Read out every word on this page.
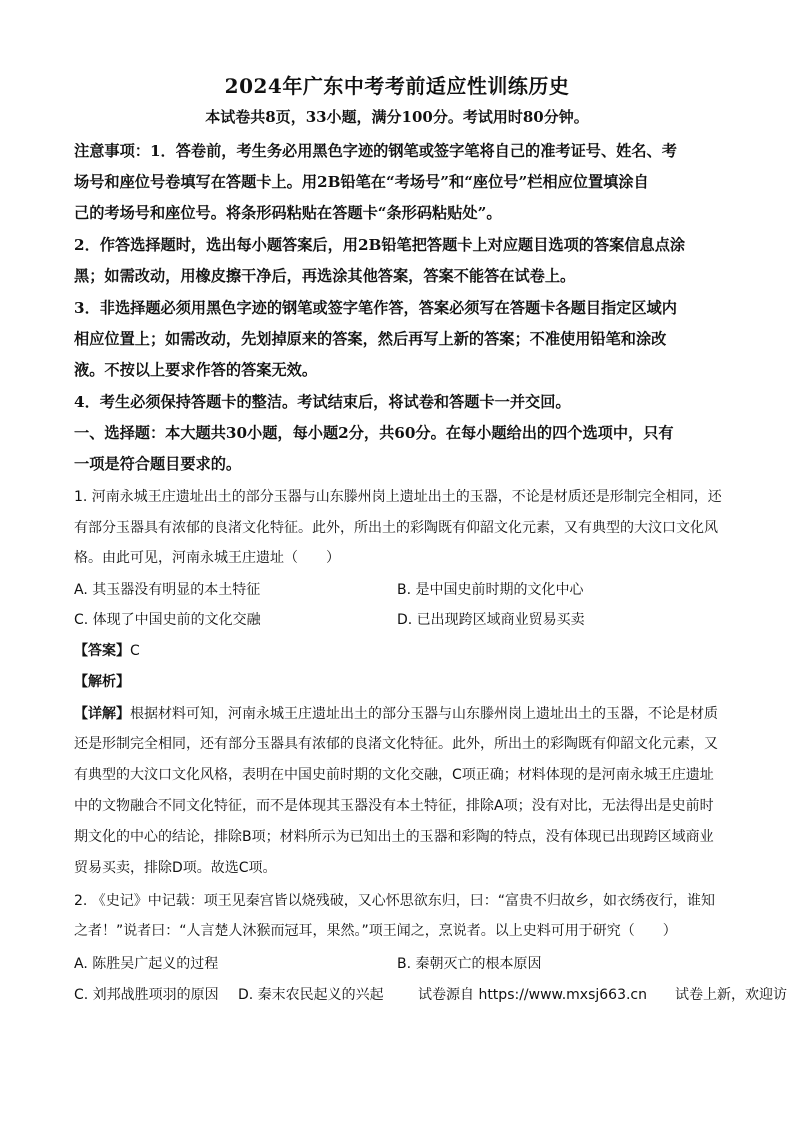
2024年广东中考考前适应性训练历史
本试卷共8页，33小题，满分100分。考试用时80分钟。
注意事项：1．答卷前，考生务必用黑色字迹的钢笔或签字笔将自己的准考证号、姓名、考
场号和座位号卷填写在答题卡上。用2B铅笔在“考场号”和“座位号”栏相应位置填涂自
己的考场号和座位号。将条形码粘贴在答题卡“条形码粘贴处”。
2．作答选择题时，选出每小题答案后，用2B铅笔把答题卡上对应题目选项的答案信息点涂
黑；如需改动，用橡皮擦干净后，再选涂其他答案，答案不能答在试卷上。
3．非选择题必须用黑色字迹的钢笔或签字笔作答，答案必须写在答题卡各题目指定区域内
相应位置上；如需改动，先划掉原来的答案，然后再写上新的答案；不准使用铅笔和涂改
液。不按以上要求作答的答案无效。
4．考生必须保持答题卡的整洁。考试结束后，将试卷和答题卡一并交回。
一、选择题：本大题共30小题，每小题2分，共60分。在每小题给出的四个选项中，只有
一项是符合题目要求的。
1. 河南永城王庄遗址出土的部分玉器与山东滕州岗上遗址出土的玉器，不论是材质还是形制完全相同，还
有部分玉器具有浓郁的良渚文化特征。此外，所出土的彩陶既有仰韶文化元素，又有典型的大汶口文化风
格。由此可见，河南永城王庄遗址（　　）
A. 其玉器没有明显的本土特征	B. 是中国史前时期的文化中心
C. 体现了中国史前的文化交融	D. 已出现跨区域商业贸易买卖
【答案】C
【解析】
【详解】根据材料可知，河南永城王庄遗址出土的部分玉器与山东滕州岗上遗址出土的玉器，不论是材质
还是形制完全相同，还有部分玉器具有浓郁的良渚文化特征。此外，所出土的彩陶既有仰韶文化元素，又
有典型的大汶口文化风格，表明在中国史前时期的文化交融，C项正确；材料体现的是河南永城王庄遗址
中的文物融合不同文化特征，而不是体现其玉器没有本土特征，排除A项；没有对比，无法得出是史前时
期文化的中心的结论，排除B项；材料所示为已知出土的玉器和彩陶的特点，没有体现已出现跨区域商业
贸易买卖，排除D项。故选C项。
2. 《史记》中记载：项王见秦宫皆以烧残破，又心怀思欲东归，曰：“富贵不归故乡，如衣绣夜行，谁知
之者！”说者曰：“人言楚人沐猴而冠耳，果然。”项王闻之，烹说者。以上史料可用于研究（　　）
A. 陈胜吴广起义的过程	B. 秦朝灭亡的根本原因
C. 刘邦战胜项羽的原因 D. 秦末农民起义的兴起 试卷源自 https://www.mxsj663.cn　　试卷上新，欢迎访
